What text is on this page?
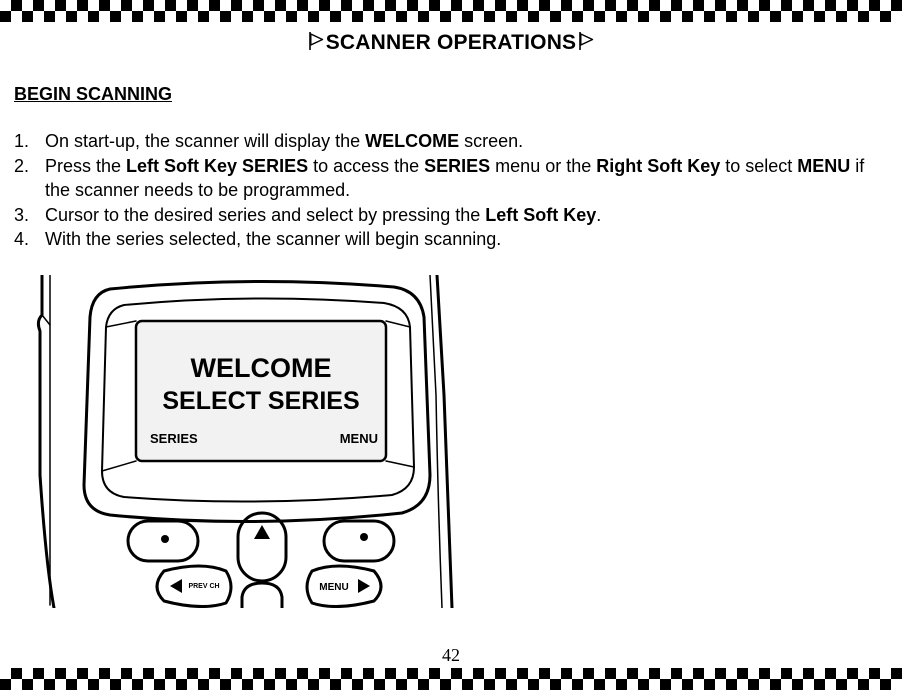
SCANNER OPERATIONS
BEGIN SCANNING
1. On start-up, the scanner will display the WELCOME screen.
2. Press the Left Soft Key SERIES to access the SERIES menu or the Right Soft Key to select MENU if the scanner needs to be programmed.
3. Cursor to the desired series and select by pressing the Left Soft Key.
4. With the series selected, the scanner will begin scanning.
WELCOME
SELECT SERIES
SERIES	MENU
PREV CH	MENU
42
